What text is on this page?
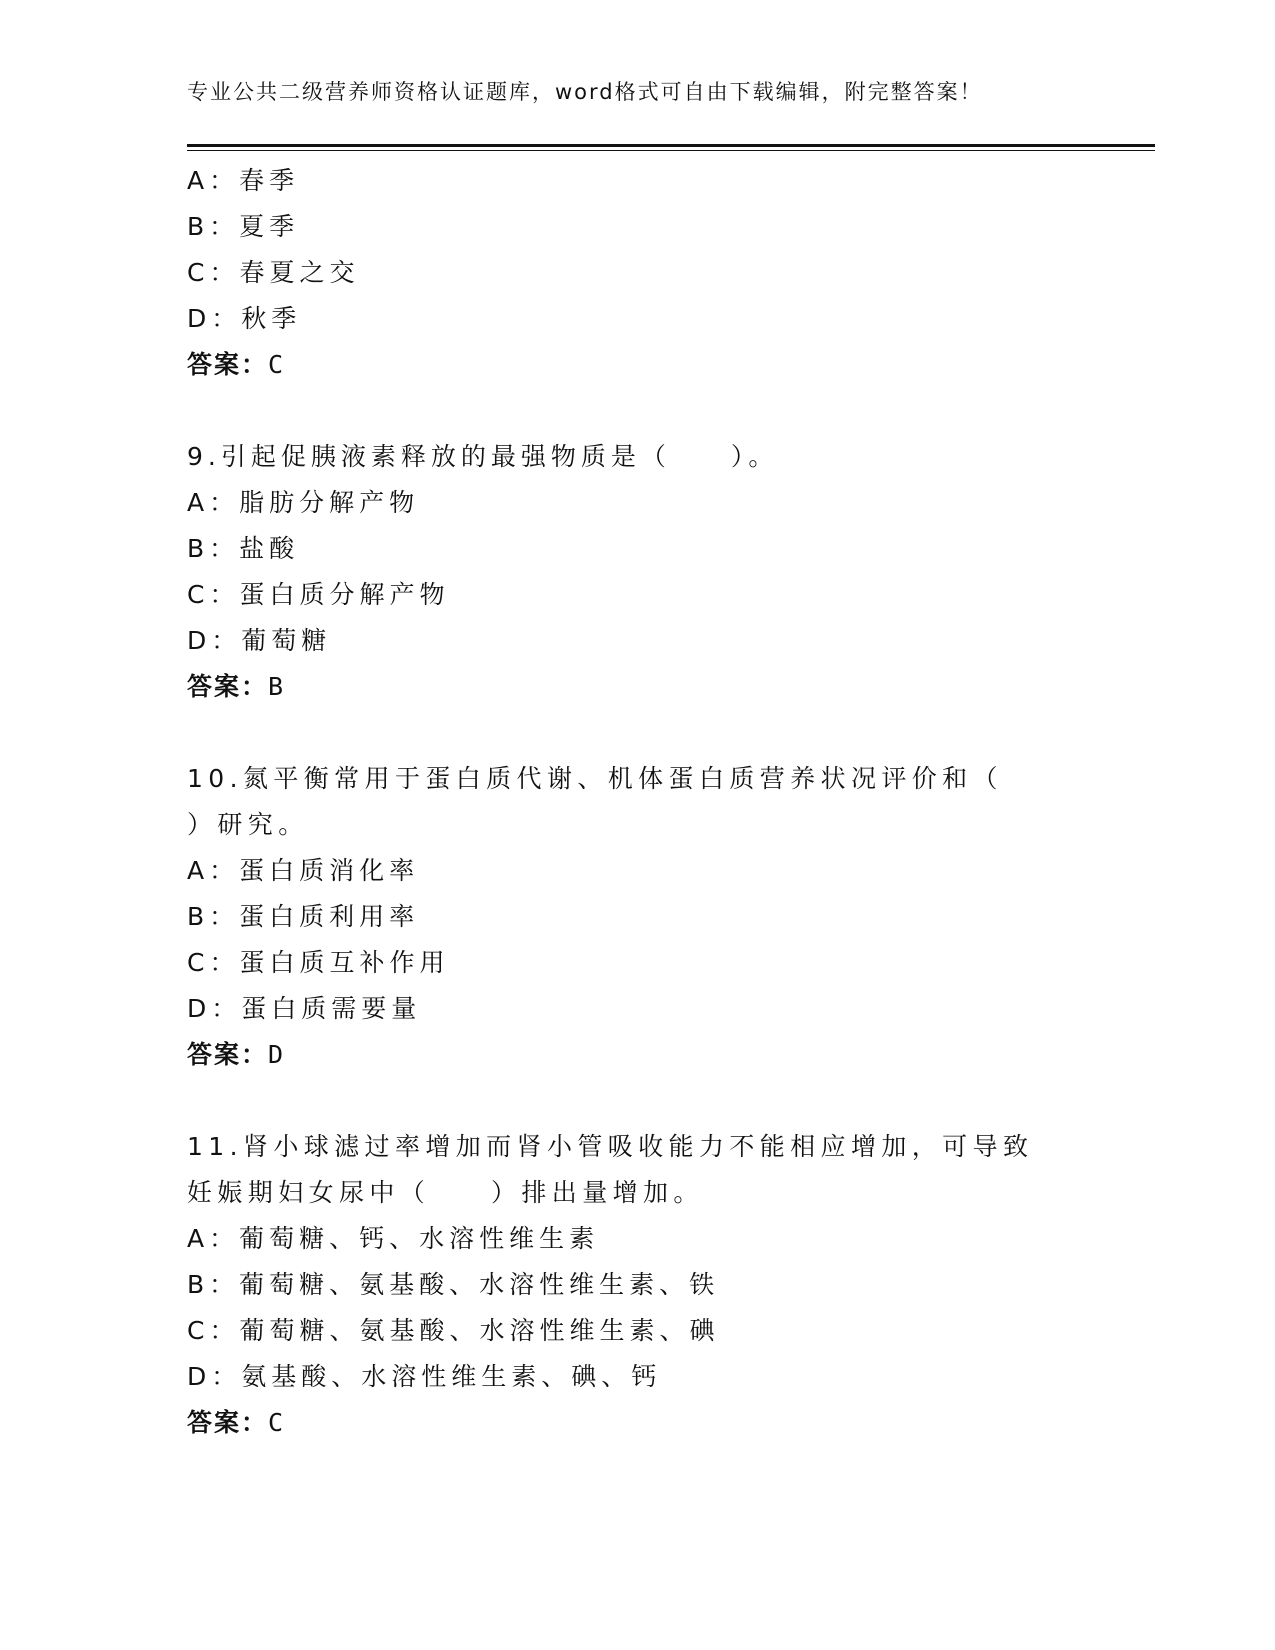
专业公共二级营养师资格认证题库，word格式可自由下载编辑，附完整答案！
A：春季
B：夏季
C：春夏之交
D：秋季
答案：C
9.引起促胰液素释放的最强物质是（　　）。
A：脂肪分解产物
B：盐酸
C：蛋白质分解产物
D：葡萄糖
答案：B
10.氮平衡常用于蛋白质代谢、机体蛋白质营养状况评价和（　　）研究。
A：蛋白质消化率
B：蛋白质利用率
C：蛋白质互补作用
D：蛋白质需要量
答案：D
11.肾小球滤过率增加而肾小管吸收能力不能相应增加，可导致妊娠期妇女尿中（　　）排出量增加。
A：葡萄糖、钙、水溶性维生素
B：葡萄糖、氨基酸、水溶性维生素、铁
C：葡萄糖、氨基酸、水溶性维生素、碘
D：氨基酸、水溶性维生素、碘、钙
答案：C
